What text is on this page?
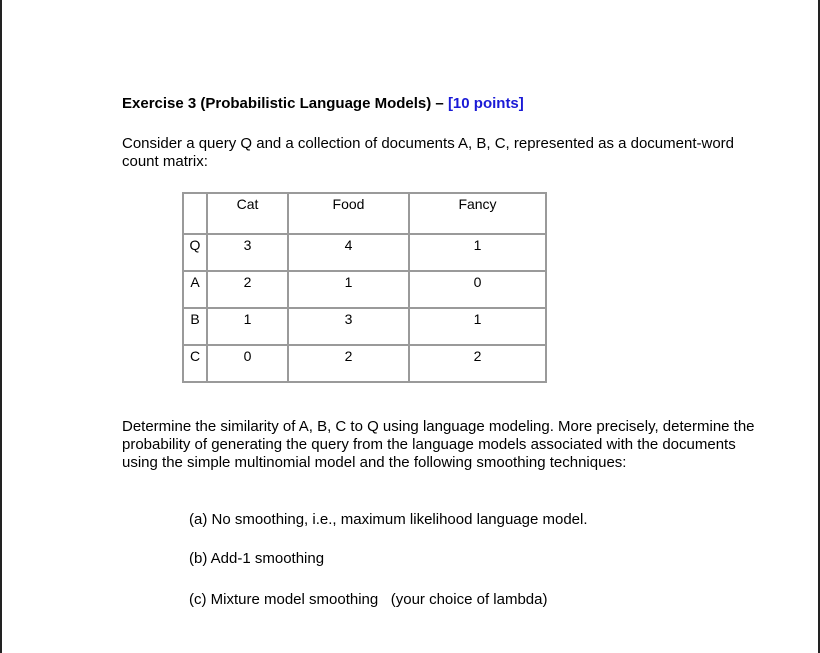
Exercise 3 (Probabilistic Language Models) – [10 points]
Consider a query Q and a collection of documents A, B, C, represented as a document-word count matrix:
	Cat	Food	Fancy
Q	3	4	1
A	2	1	0
B	1	3	1
C	0	2	2
Determine the similarity of A, B, C to Q using language modeling. More precisely, determine the probability of generating the query from the language models associated with the documents using the simple multinomial model and the following smoothing techniques:
(a) No smoothing, i.e., maximum likelihood language model.
(b) Add-1 smoothing
(c) Mixture model smoothing   (your choice of lambda)
